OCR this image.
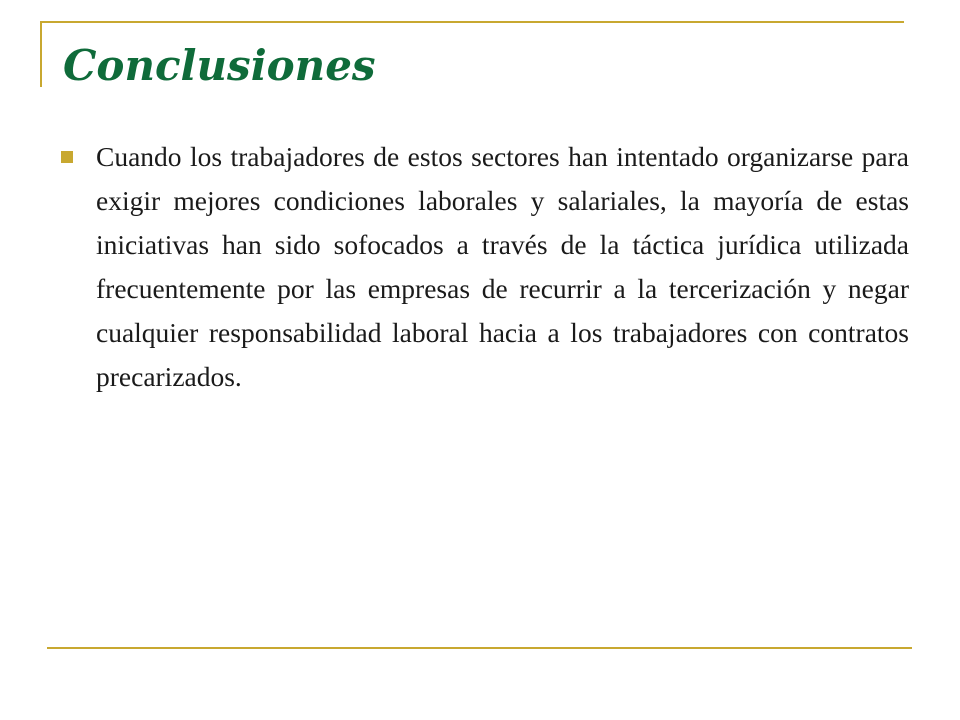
Conclusiones

Cuando los trabajadores de estos sectores han intentado organizarse para exigir mejores condiciones laborales y salariales, la mayoría de estas iniciativas han sido sofocados a través de la táctica jurídica utilizada frecuentemente por las empresas de recurrir a la tercerización y negar cualquier responsabilidad laboral hacia a los trabajadores con contratos precarizados.
